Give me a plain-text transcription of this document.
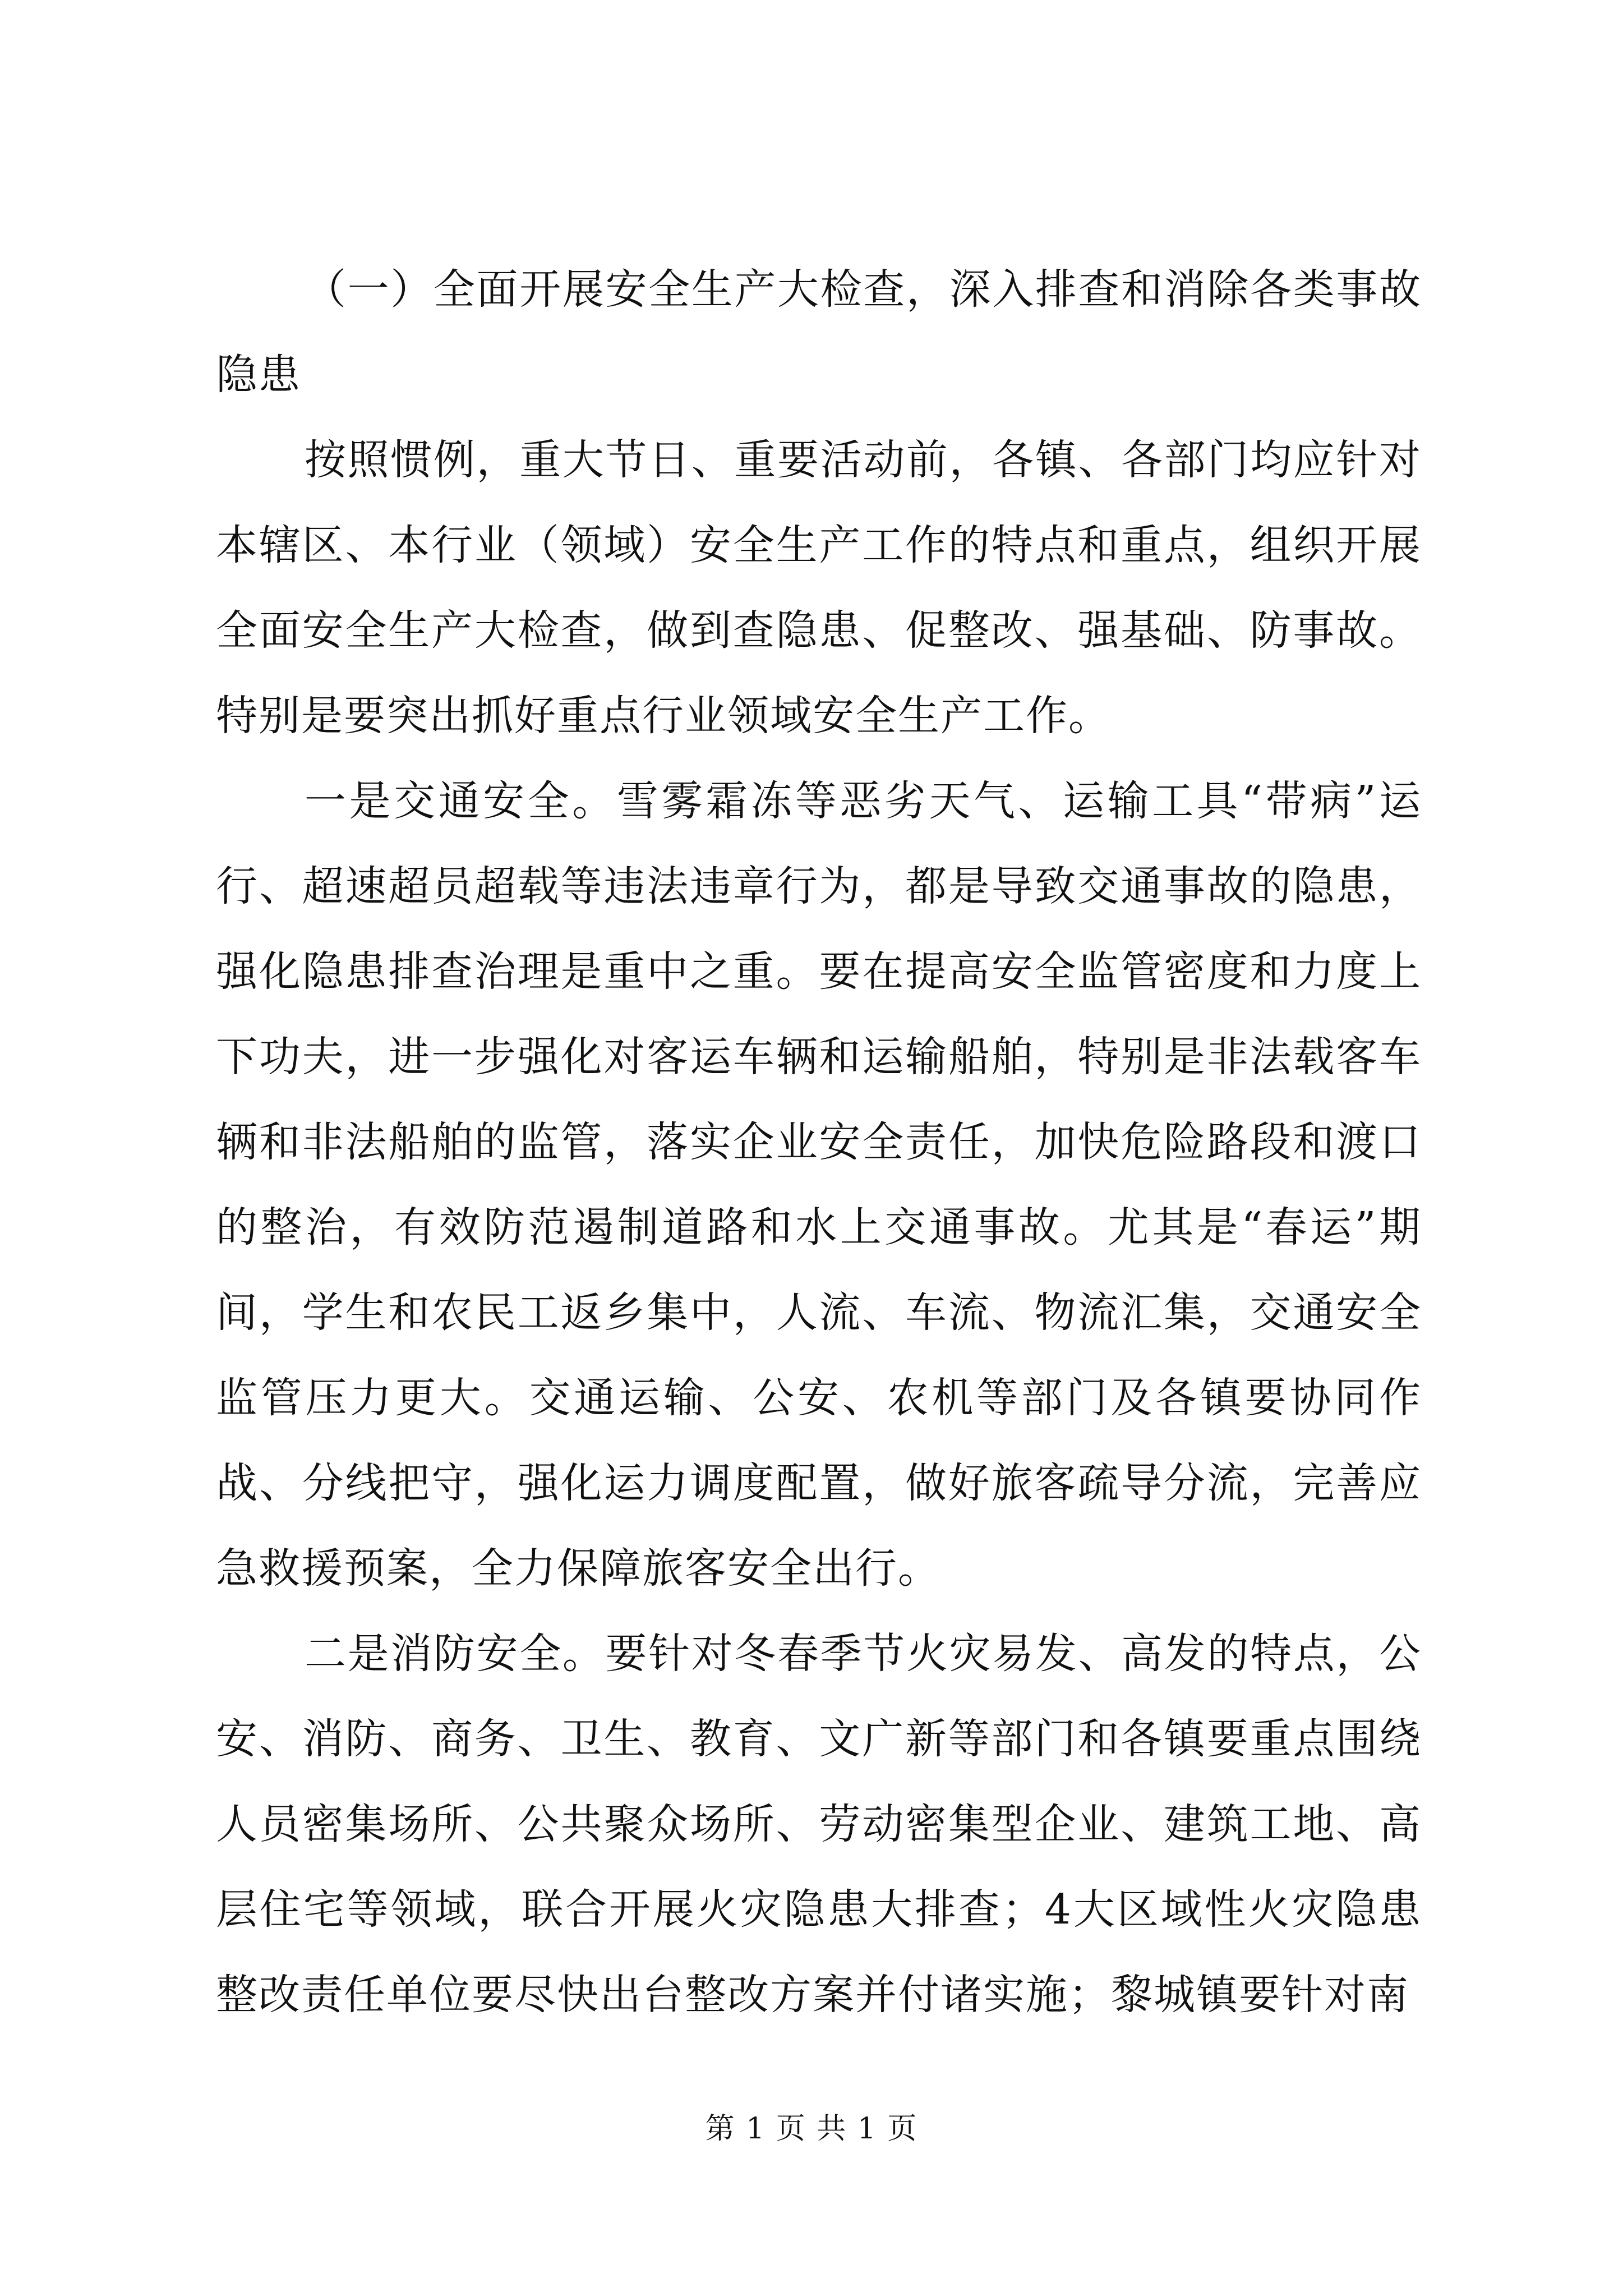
（一）全面开展安全生产大检查，深入排查和消除各类事故隐患

按照惯例，重大节日、重要活动前，各镇、各部门均应针对本辖区、本行业（领域）安全生产工作的特点和重点，组织开展全面安全生产大检查，做到查隐患、促整改、强基础、防事故。特别是要突出抓好重点行业领域安全生产工作。

一是交通安全。雪雾霜冻等恶劣天气、运输工具“带病”运行、超速超员超载等违法违章行为，都是导致交通事故的隐患，强化隐患排查治理是重中之重。要在提高安全监管密度和力度上下功夫，进一步强化对客运车辆和运输船舶，特别是非法载客车辆和非法船舶的监管，落实企业安全责任，加快危险路段和渡口的整治，有效防范遏制道路和水上交通事故。尤其是“春运”期间，学生和农民工返乡集中，人流、车流、物流汇集，交通安全监管压力更大。交通运输、公安、农机等部门及各镇要协同作战、分线把守，强化运力调度配置，做好旅客疏导分流，完善应急救援预案，全力保障旅客安全出行。

二是消防安全。要针对冬春季节火灾易发、高发的特点，公安、消防、商务、卫生、教育、文广新等部门和各镇要重点围绕人员密集场所、公共聚众场所、劳动密集型企业、建筑工地、高层住宅等领域，联合开展火灾隐患大排查；4大区域性火灾隐患整改责任单位要尽快出台整改方案并付诸实施；黎城镇要针对南

第 1 页 共 1 页
